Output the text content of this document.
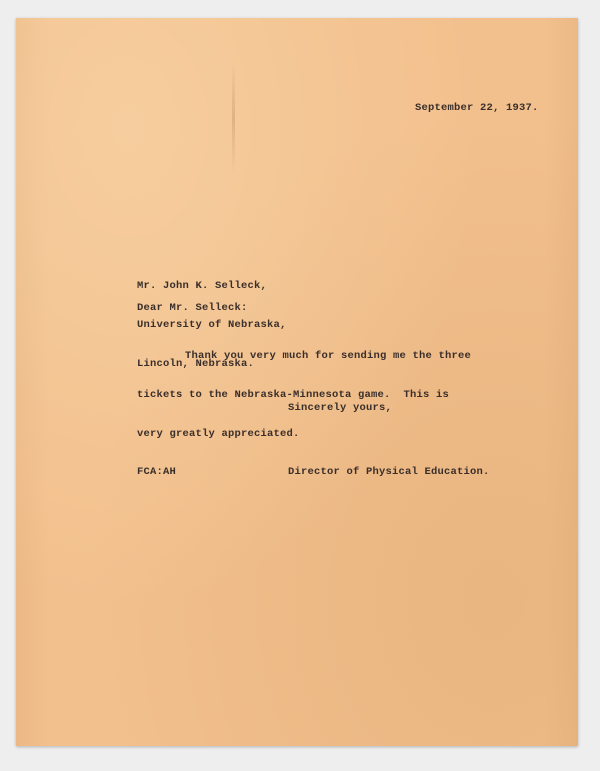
September 22, 1937.

Mr. John K. Selleck,

University of Nebraska,

Lincoln, Nebraska.

Dear Mr. Selleck:

Thank you very much for sending me the three

tickets to the Nebraska-Minnesota game.  This is

very greatly appreciated.

Sincerely yours,
FCA:AH	Director of Physical Education.
